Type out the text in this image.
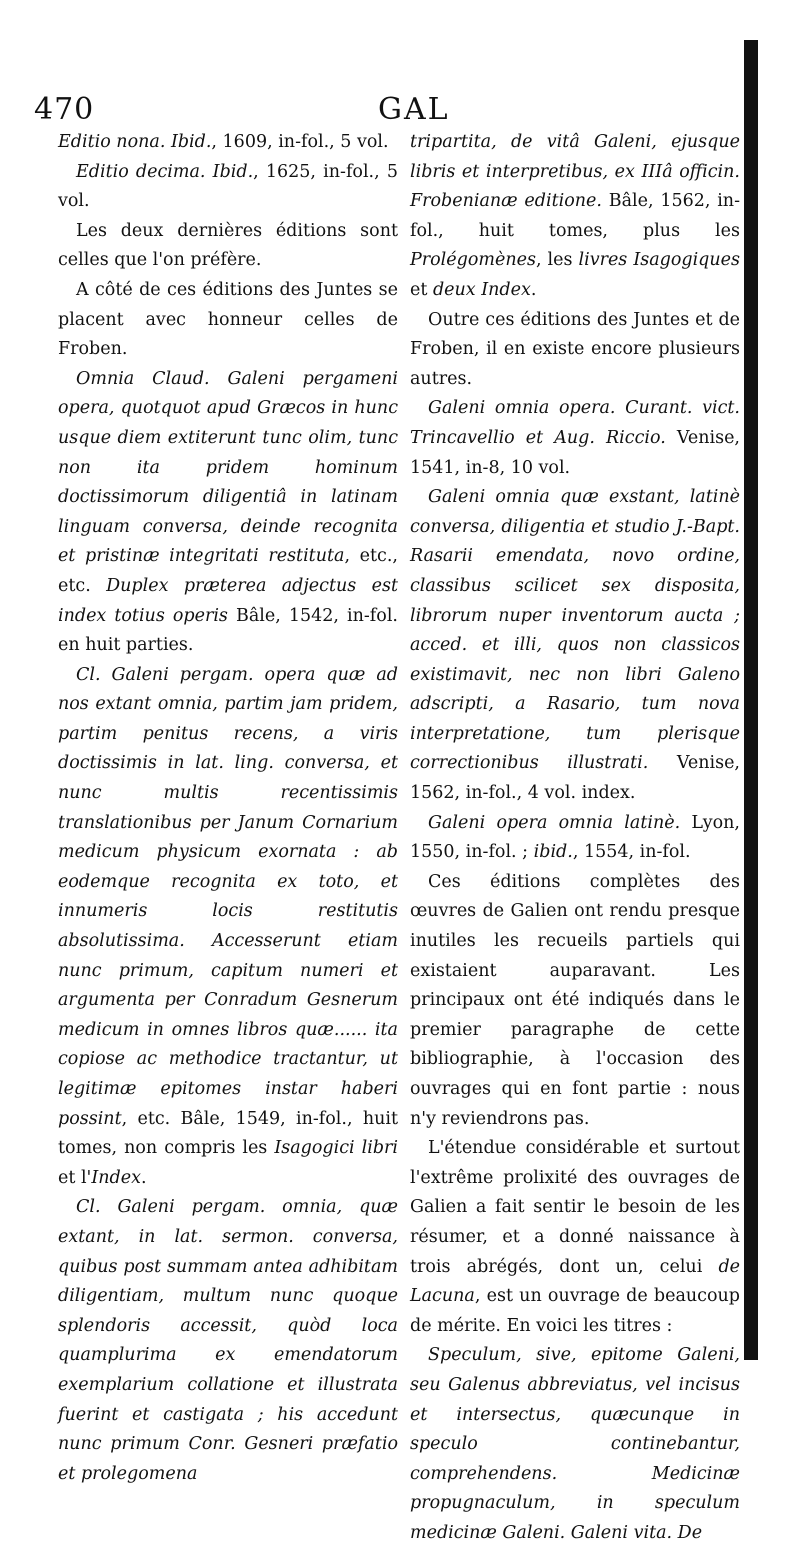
470	GAL

Editio nona. Ibid., 1609, in-fol., 5 vol.

Editio decima. Ibid., 1625, in-fol., 5 vol.

Les deux dernières éditions sont celles que l'on préfère.

A côté de ces éditions des Juntes se placent avec honneur celles de Froben.

Omnia Claud. Galeni pergameni opera, quotquot apud Græcos in hunc usque diem extiterunt tunc olim, tunc non ita pridem hominum doctissimorum diligentiâ in latinam linguam conversa, deinde recognita et pristinæ integritati restituta, etc., etc. Duplex præterea adjectus est index totius operis Bâle, 1542, in-fol. en huit parties.

Cl. Galeni pergam. opera quæ ad nos extant omnia, partim jam pridem, partim penitus recens, a viris doctissimis in lat. ling. conversa, et nunc multis recentissimis translationibus per Janum Cornarium medicum physicum exornata : ab eodemque recognita ex toto, et innumeris locis restitutis absolutissima. Accesserunt etiam nunc primum, capitum numeri et argumenta per Conradum Gesnerum medicum in omnes libros quæ...... ita copiose ac methodice tractantur, ut legitimæ epitomes instar haberi possint, etc. Bâle, 1549, in-fol., huit tomes, non compris les Isagogici libri et l'Index.

Cl. Galeni pergam. omnia, quæ extant, in lat. sermon. conversa, quibus post summam antea adhibitam diligentiam, multum nunc quoque splendoris accessit, quòd loca quamplurima ex emendatorum exemplarium collatione et illustrata fuerint et castigata ; his accedunt nunc primum Conr. Gesneri præfatio et prolegomena

tripartita, de vitâ Galeni, ejusque libris et interpretibus, ex IIIâ officin. Frobenianæ editione. Bâle, 1562, in-fol., huit tomes, plus les Prolégomènes, les livres Isagogiques et deux Index.

Outre ces éditions des Juntes et de Froben, il en existe encore plusieurs autres.

Galeni omnia opera. Curant. vict. Trincavellio et Aug. Riccio. Venise, 1541, in-8, 10 vol.

Galeni omnia quæ exstant, latinè conversa, diligentia et studio J.-Bapt. Rasarii emendata, novo ordine, classibus scilicet sex disposita, librorum nuper inventorum aucta ; acced. et illi, quos non classicos existimavit, nec non libri Galeno adscripti, a Rasario, tum nova interpretatione, tum plerisque correctionibus illustrati. Venise, 1562, in-fol., 4 vol. index.

Galeni opera omnia latinè. Lyon, 1550, in-fol. ; ibid., 1554, in-fol.

Ces éditions complètes des œuvres de Galien ont rendu presque inutiles les recueils partiels qui existaient auparavant. Les principaux ont été indiqués dans le premier paragraphe de cette bibliographie, à l'occasion des ouvrages qui en font partie : nous n'y reviendrons pas.

L'étendue considérable et surtout l'extrême prolixité des ouvrages de Galien a fait sentir le besoin de les résumer, et a donné naissance à trois abrégés, dont un, celui de Lacuna, est un ouvrage de beaucoup de mérite. En voici les titres :

Speculum, sive, epitome Galeni, seu Galenus abbreviatus, vel incisus et intersectus, quæcunque in speculo continebantur, comprehendens. Medicinæ propugnaculum, in speculum medicinæ Galeni. Galeni vita. De
